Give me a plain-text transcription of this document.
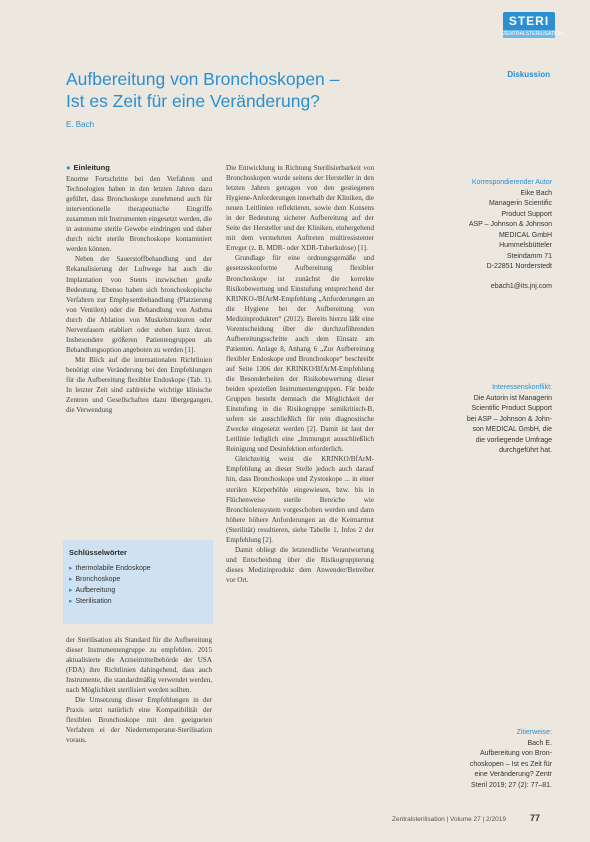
STERI
ZENTRALSTERILISATION
Diskussion
Aufbereitung von Bronchoskopen –
Ist es Zeit für eine Veränderung?
E. Bach
● Einleitung

Enorme Fortschritte bei den Verfahren und Technologien haben in den letzten Jahren dazu geführt, dass Bronchoskope zunehmend auch für interventionelle therapeutische Eingriffe zusammen mit Instrumenten eingesetzt werden, die in autonome sterile Gewebe eindringen und daher durch nicht sterile Bronchoskope kontaminiert werden können.

Neben der Sauerstoffbehandlung und der Rekanalisierung der Luftwege hat auch die Implantation von Stents inzwischen große Bedeutung. Ebenso haben sich bronchoskopische Verfahren zur Emphysembehandlung (Platzierung von Ventilen) oder die Behandlung von Asthma durch die Ablation von Muskelstrukturen oder Nervenfasern etabliert oder stehen kurz davor. Insbesondere größeren Patientengruppen als Behandlungsoption angeboten zu werden [1].

Mit Blick auf die internationalen Richtlinien benötigt eine Veränderung bei den Empfehlungen für die Aufbereitung flexibler Endoskope (Tab. 1). In letzter Zeit sind zahlreiche wichtige klinische Zentren und Gesellschaften dazu übergegangen, die Verwendung

Schlüsselwörter
▸ thermolabile Endoskope
▸ Bronchoskope
▸ Aufbereitung
▸ Sterilisation

der Sterilisation als Standard für die Aufbereitung dieser Instrumentengruppe zu empfehlen. 2015 aktualisierte die Arzneimittelbehörde der USA (FDA) ihre Richtlinien dahingehend, dass auch Instrumente, die standardmäßig verwendet werden, nach Möglichkeit sterilisiert werden sollten.

Die Umsetzung dieser Empfehlungen in der Praxis setzt natürlich eine Kompatibilität der flexiblen Bronchoskope mit den geeigneten Verfahren ei der Niedertemperatur-Sterilisation voraus.

Die Entwicklung in Richtung Sterilisierbarkeit von Bronchoskopen wurde seitens der Hersteller in den letzten Jahren getragen von den gestiegenen Hygiene-Anforderungen innerhalb der Kliniken, die neuen Leitlinien reflektieren, sowie dem Konsens in der Bedeutung sicherer Aufbereitung auf der Seite der Hersteller und der Kliniken, einhergehend mit dem vermehrten Auftreten multiresistenter Erreger (z. B. MDR- oder XDR-Tuberkulose) [1].

Grundlage für eine ordnungsgemäße und gesetzeskonforme Aufbereitung flexibler Bronchoskope ist zunächst die korrekte Risikobewertung und Einstufung entsprechend der KRINKO-/BfArM-Empfehlung „Anforderungen an die Hygiene bei der Aufbereitung von Medizinprodukten“ (2012). Bereits hierzu läßt eine Vorentscheidung über die durchzuführenden Aufbereitungsschritte auch dem Einsatz am Patienten. Anlage 8, Anhang 6 „Zur Aufbereitung flexibler Endoskope und Bronchoskope“ beschreibt auf Seite 1306 der KRINKO/BfArM-Empfehlung die Besonderheiten der Risikobewertung dieser beiden speziellen Instrumentengruppen. Für beide Gruppen besteht demnach die Möglichkeit der Einstufung in die Risikogruppe semikritisch-B, sofern sie ausschließlich für rein diagnostische Zwecke eingesetzt werden [2]. Damit ist laut der Leitlinie lediglich eine „Immungut ausschließlich Reinigung und Desinfektion erforderlich.

Gleichzeitig weist die KRINKO/BfArM-Empfehlung an dieser Stelle jedoch auch darauf hin, dass Bronchoskope und Zystoskope ... in einer sterilen Körperhöhle eingewiesen, bzw. bis in Flüchenweise sterile Bereiche wie Bronchiolensystem vorgeschoben werden und dann höhere höhere Anforderungen an die Keimarmut (Sterilität) resultieren, siehe Tabelle 1, Infos 2 der Empfehlung [2].

Damit obliegt die letztendliche Verantwortung und Entscheidung über die Risikogruppierung dieses Medizinprodukt dem Anwender/Betreiber vor Ort.

Korrespondierender Autor
Eike Bach
Managerin Scientific
Product Support
ASP – Johnson & Johnson
MEDICAL GmbH
Hummelsbütteler
Steindamm 71
D-22851 Norderstedt
ebach1@its.jnj.com
Interessenskonflikt:
Die Autorin ist Managerin
Scientific Product Support
bei ASP – Johnson & John-
son MEDICAL GmbH, die
die vorliegende Umfrage
durchgeführt hat.
Zitierweise:
Bach E.
Aufbereitung von Bron-
choskopen – Ist es Zeit für
eine Veränderung? Zentr
Steril 2019; 27 (2): 77–81.
Zentralsterilisation | Volume 27 | 2/2019	77
